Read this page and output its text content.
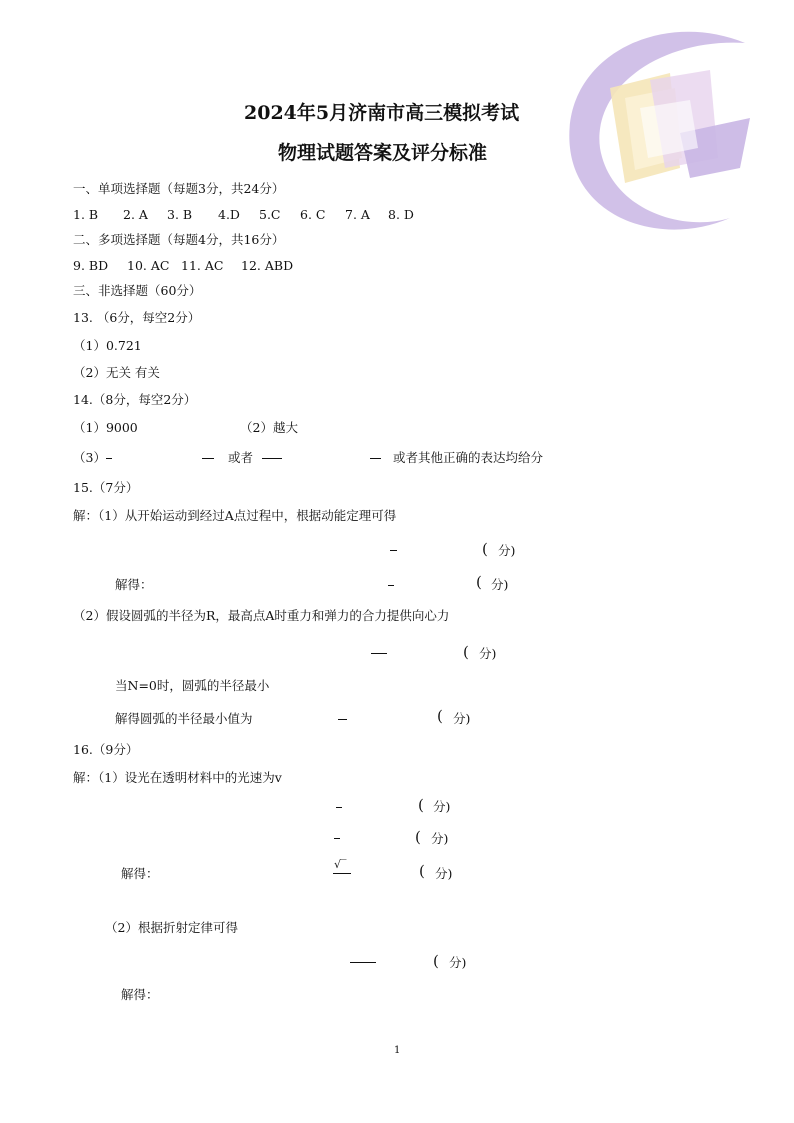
2024年5月济南市高三模拟考试
物理试题答案及评分标准
一、单项选择题（每题3分，共24分）
1. B 2. A 3. B 4.D 5.C 6. C 7. A 8. D
二、多项选择题（每题4分，共16分）
9. BD 10. AC 11. AC 12. ABD
三、非选择题（60分）
13. （6分，每空2分）
（1）0.721
（2）无关 有关
14.（8分，每空2分）
（1）9000	（2）越大
（3）	或者	或者其他正确的表达均给分
15.（7分）
解：（1）从开始运动到经过A点过程中，根据动能定理可得
( 分)
解得：	( 分)
（2）假设圆弧的半径为R，最高点A时重力和弹力的合力提供向心力
( 分)
当N=0时，圆弧的半径最小
解得圆弧的半径最小值为	( 分)
16.（9分）
解：（1）设光在透明材料中的光速为v
( 分)
( 分)
解得：
√‾	( 分)
（2）根据折射定律可得
( 分)
解得：
1
